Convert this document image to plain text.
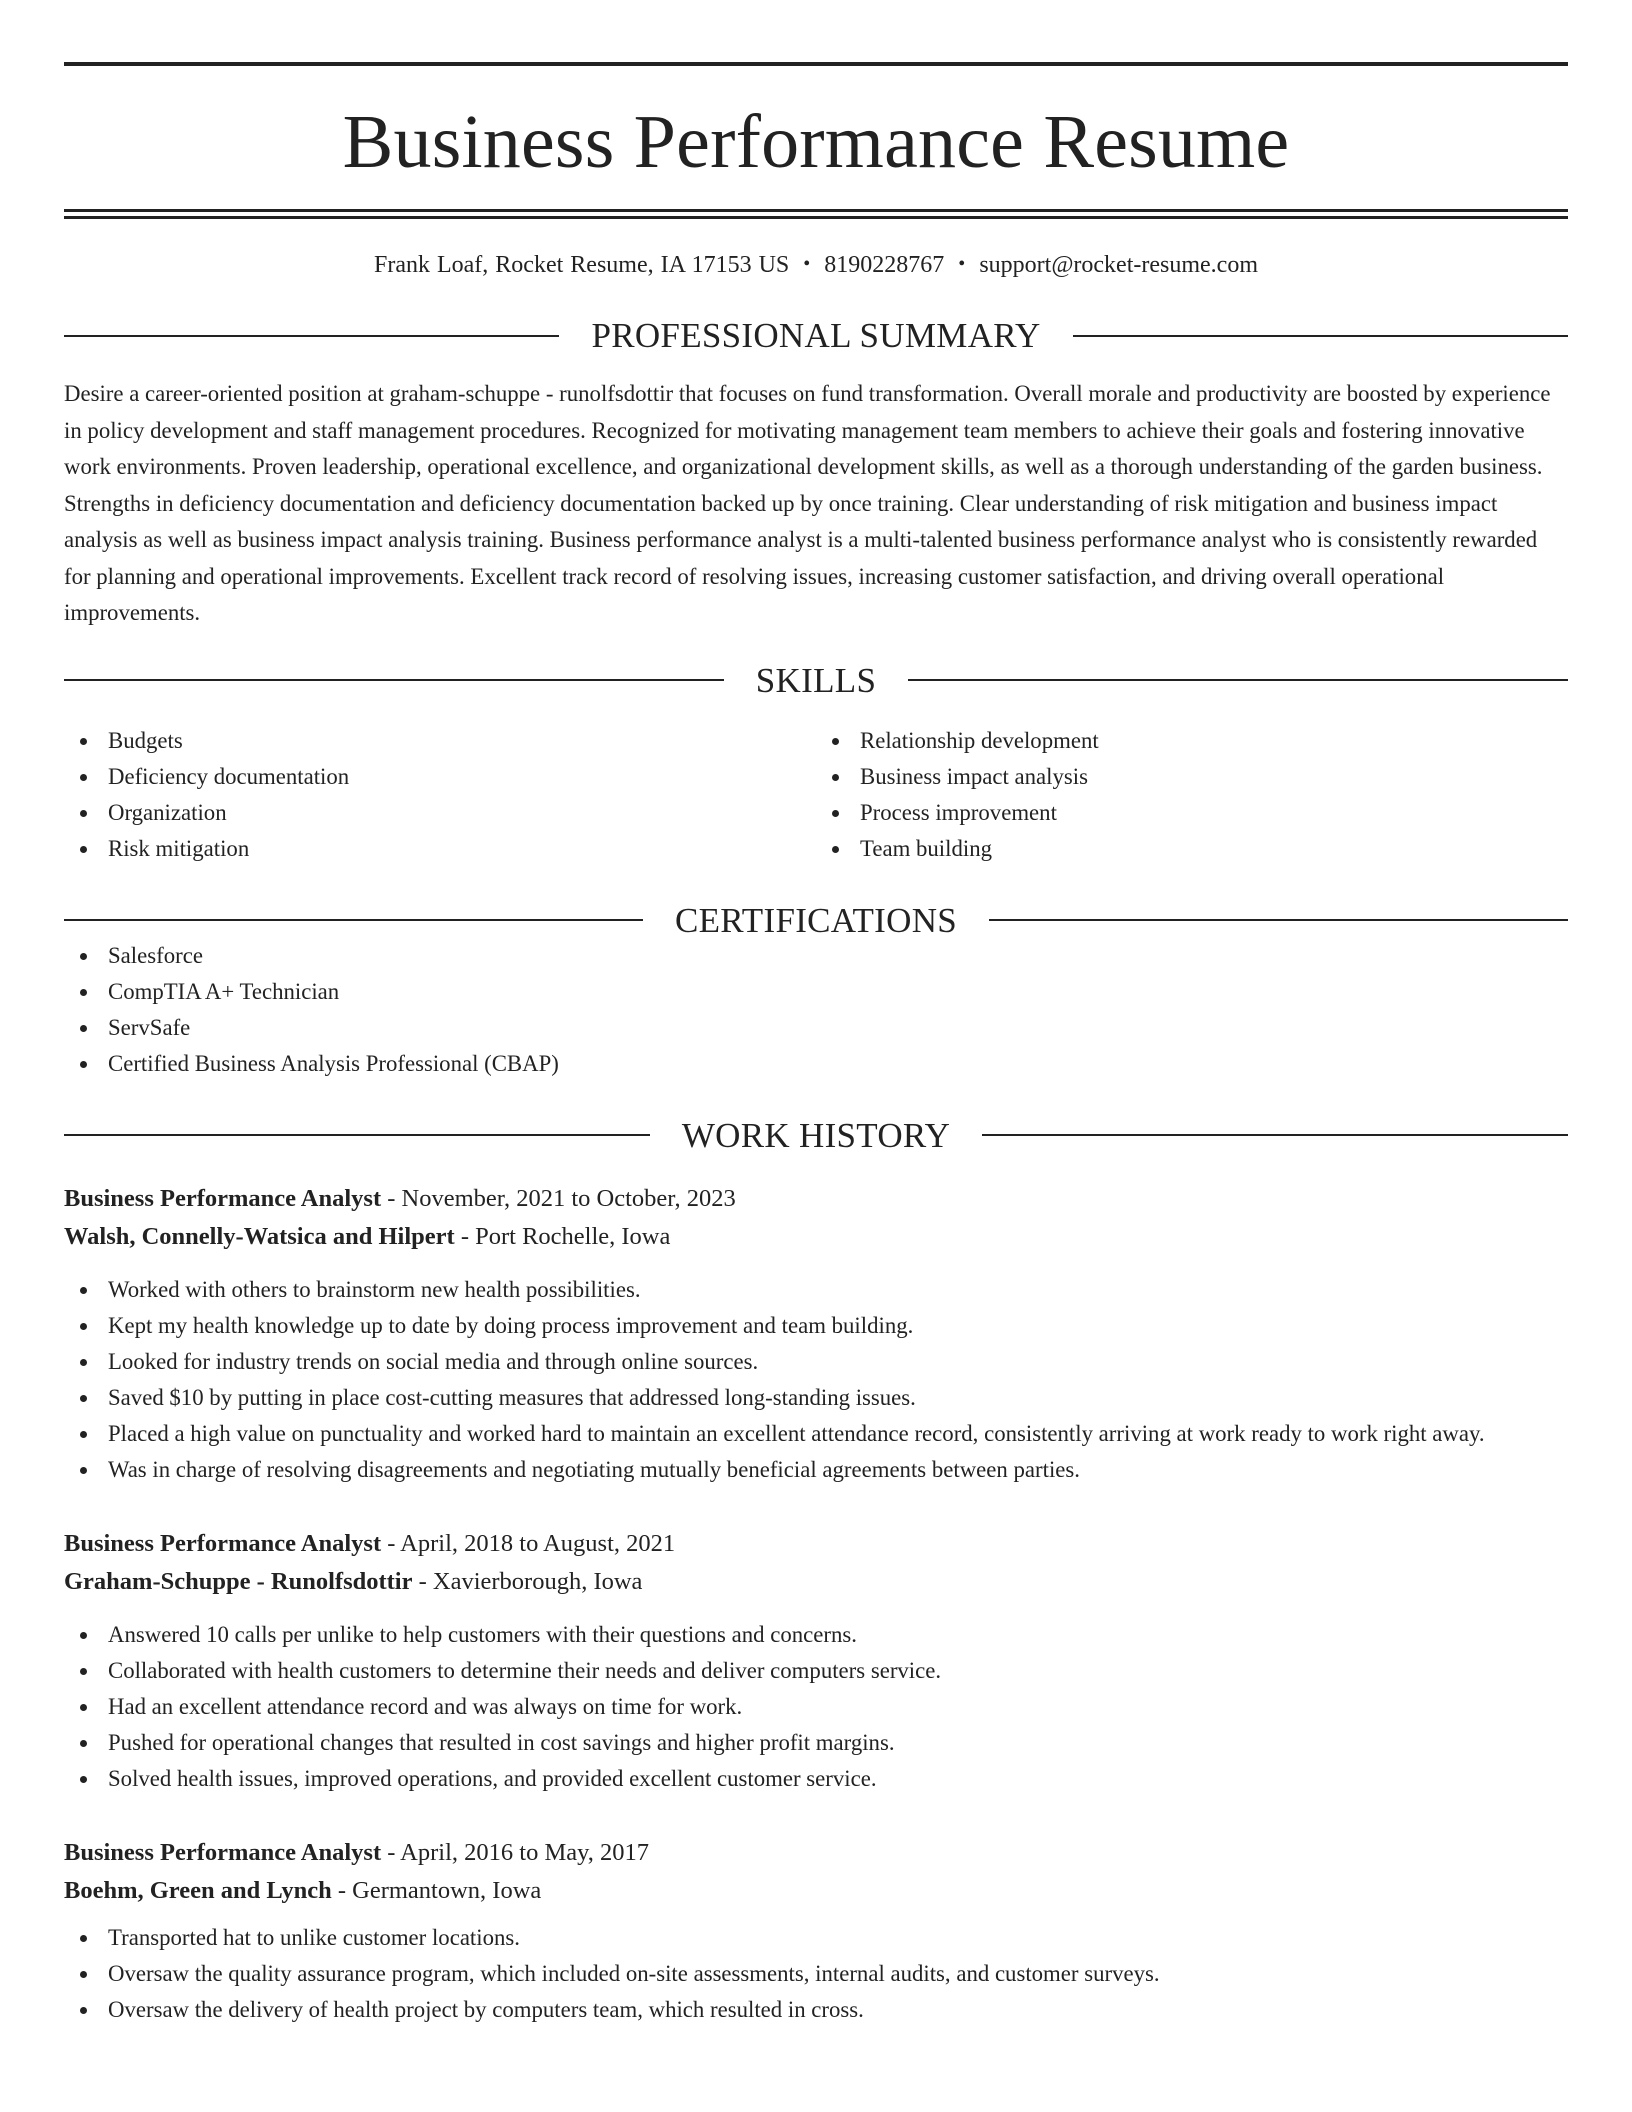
Business Performance Resume
Frank Loaf, Rocket Resume, IA 17153 US • 8190228767 • support@rocket-resume.com
PROFESSIONAL SUMMARY

Desire a career-oriented position at graham-schuppe - runolfsdottir that focuses on fund transformation. Overall morale and productivity are boosted by experience in policy development and staff management procedures. Recognized for motivating management team members to achieve their goals and fostering innovative work environments. Proven leadership, operational excellence, and organizational development skills, as well as a thorough understanding of the garden business. Strengths in deficiency documentation and deficiency documentation backed up by once training. Clear understanding of risk mitigation and business impact analysis as well as business impact analysis training. Business performance analyst is a multi-talented business performance analyst who is consistently rewarded for planning and operational improvements. Excellent track record of resolving issues, increasing customer satisfaction, and driving overall operational improvements.

SKILLS
Budgets
Deficiency documentation
Organization
Risk mitigation
Relationship development
Business impact analysis
Process improvement
Team building
CERTIFICATIONS
Salesforce
CompTIA A+ Technician
ServSafe
Certified Business Analysis Professional (CBAP)
WORK HISTORY
Business Performance Analyst - November, 2021 to October, 2023
Walsh, Connelly-Watsica and Hilpert - Port Rochelle, Iowa
Worked with others to brainstorm new health possibilities.
Kept my health knowledge up to date by doing process improvement and team building.
Looked for industry trends on social media and through online sources.
Saved $10 by putting in place cost-cutting measures that addressed long-standing issues.
Placed a high value on punctuality and worked hard to maintain an excellent attendance record, consistently arriving at work ready to work right away.
Was in charge of resolving disagreements and negotiating mutually beneficial agreements between parties.
Business Performance Analyst - April, 2018 to August, 2021
Graham-Schuppe - Runolfsdottir - Xavierborough, Iowa
Answered 10 calls per unlike to help customers with their questions and concerns.
Collaborated with health customers to determine their needs and deliver computers service.
Had an excellent attendance record and was always on time for work.
Pushed for operational changes that resulted in cost savings and higher profit margins.
Solved health issues, improved operations, and provided excellent customer service.
Business Performance Analyst - April, 2016 to May, 2017
Boehm, Green and Lynch - Germantown, Iowa
Transported hat to unlike customer locations.
Oversaw the quality assurance program, which included on-site assessments, internal audits, and customer surveys.
Oversaw the delivery of health project by computers team, which resulted in cross.
